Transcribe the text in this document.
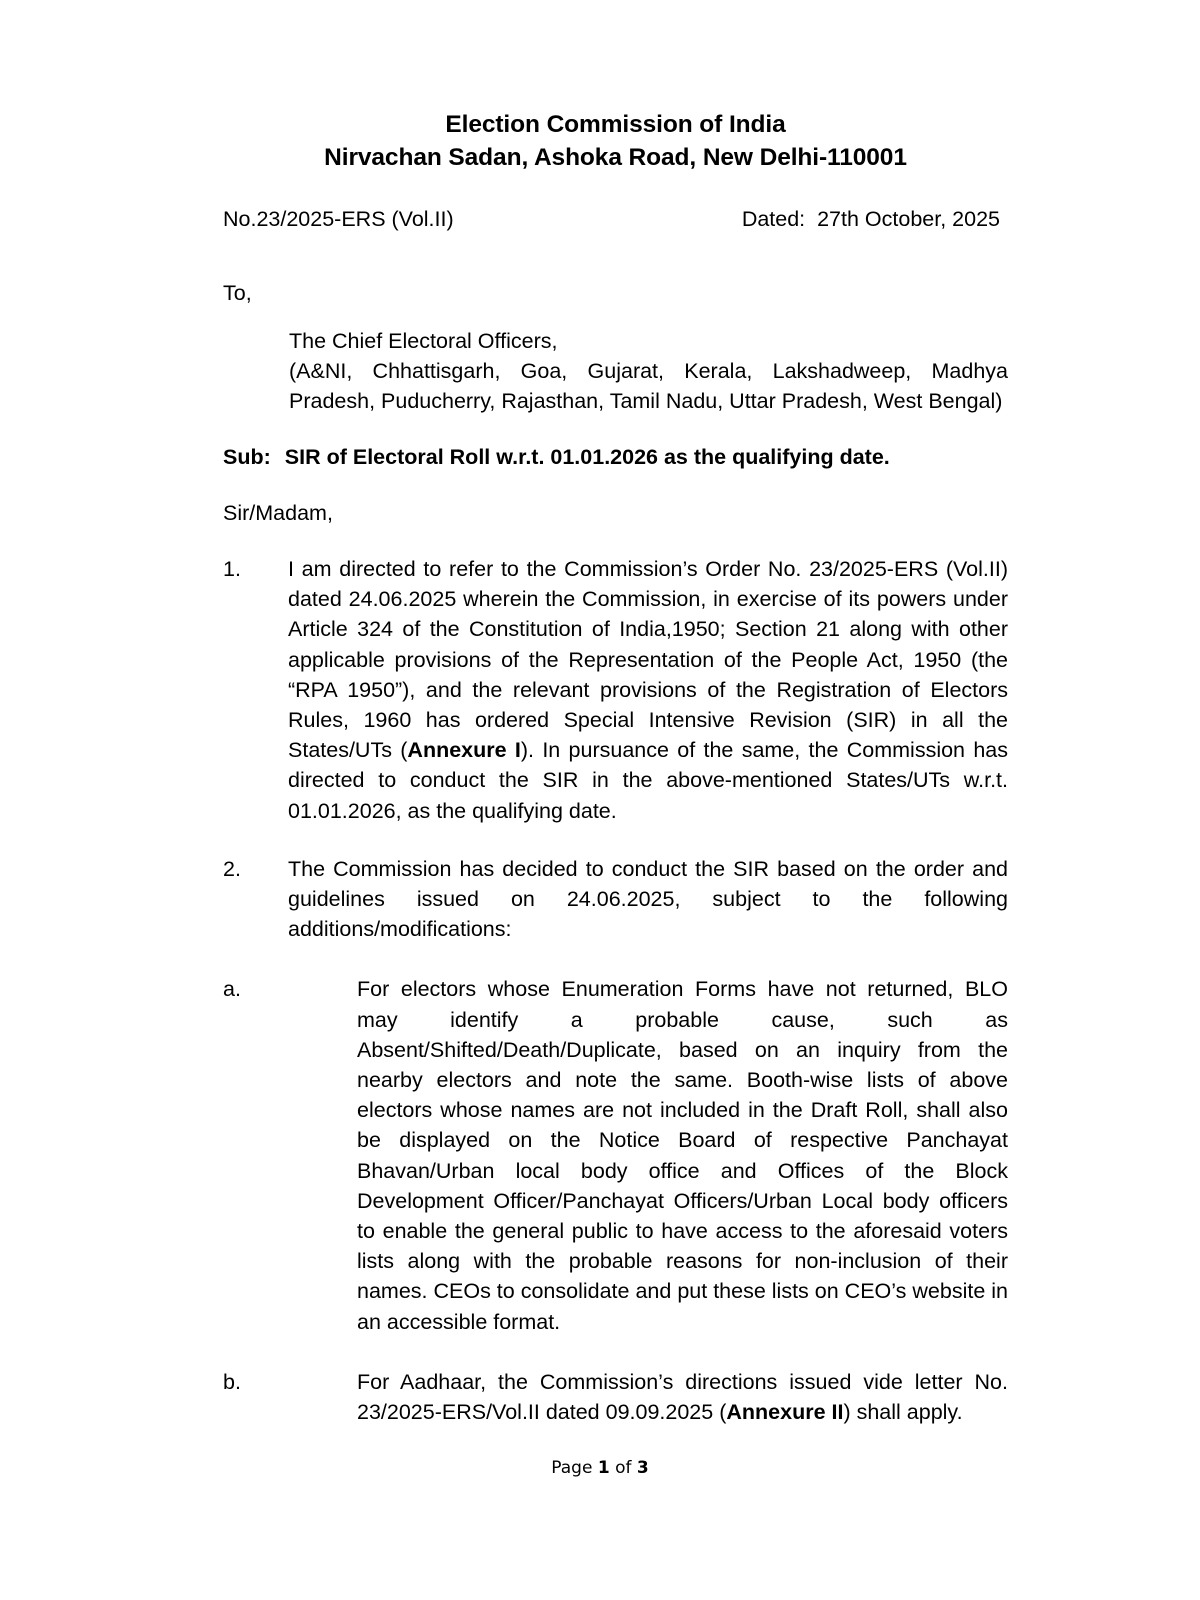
Election Commission of India
Nirvachan Sadan, Ashoka Road, New Delhi-110001
No.23/2025-ERS (Vol.II)	Dated:  27th October, 2025
To,

The Chief Electoral Officers,

(A&NI, Chhattisgarh, Goa, Gujarat, Kerala, Lakshadweep, Madhya Pradesh, Puducherry, Rajasthan, Tamil Nadu, Uttar Pradesh, West Bengal)

Sub: SIR of Electoral Roll w.r.t. 01.01.2026 as the qualifying date.
Sir/Madam,
1.	I am directed to refer to the Commission’s Order No. 23/2025-ERS (Vol.II) dated 24.06.2025 wherein the Commission, in exercise of its powers under Article 324 of the Constitution of India,1950; Section 21 along with other applicable provisions of the Representation of the People Act, 1950 (the “RPA 1950”), and the relevant provisions of the Registration of Electors Rules, 1960 has ordered Special Intensive Revision (SIR) in all the States/UTs (Annexure I). In pursuance of the same, the Commission has directed to conduct the SIR in the above-mentioned States/UTs w.r.t. 01.01.2026, as the qualifying date.
2.	The Commission has decided to conduct the SIR based on the order and guidelines issued on 24.06.2025, subject to the following additions/modifications:
a.	For electors whose Enumeration Forms have not returned, BLO may identify a probable cause, such as Absent/Shifted/Death/Duplicate, based on an inquiry from the nearby electors and note the same. Booth-wise lists of above electors whose names are not included in the Draft Roll, shall also be displayed on the Notice Board of respective Panchayat Bhavan/Urban local body office and Offices of the Block Development Officer/Panchayat Officers/Urban Local body officers to enable the general public to have access to the aforesaid voters lists along with the probable reasons for non-inclusion of their names. CEOs to consolidate and put these lists on CEO’s website in an accessible format.
b.	For Aadhaar, the Commission’s directions issued vide letter No. 23/2025-ERS/Vol.II dated 09.09.2025 (Annexure II) shall apply.
Page 1 of 3
